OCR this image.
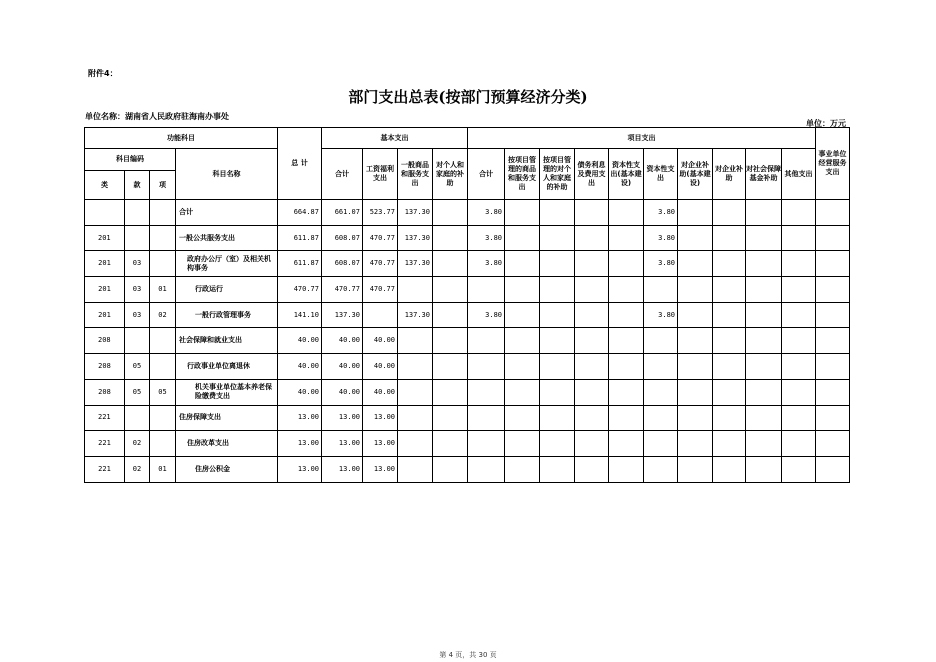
附件4：
部门支出总表(按部门预算经济分类)
单位名称：湖南省人民政府驻海南办事处
单位：万元
功能科目				总 计	基本支出				项目支出										事业单位经营服务支出
科目编码			科目名称		合计	工资福利支出	一般商品和服务支出	对个人和家庭的补助	合计	按项目管理的商品和服务支出	按项目管理的对个人和家庭的补助	债务利息及费用支出	资本性支出(基本建设)	资本性支出	对企业补助(基本建设)	对企业补助	对社会保障基金补助	其他支出	
类	款	项																	
			合计	664.87	661.07	523.77	137.30		3.80					3.80					
201			一般公共服务支出	611.87	608.07	470.77	137.30		3.80					3.80					
201	03		政府办公厅（室）及相关机构事务	611.87	608.07	470.77	137.30		3.80					3.80					
201	03	01	行政运行	470.77	470.77	470.77													
201	03	02	一般行政管理事务	141.10	137.30		137.30		3.80					3.80					
208			社会保障和就业支出	40.00	40.00	40.00													
208	05		行政事业单位离退休	40.00	40.00	40.00													
208	05	05	机关事业单位基本养老保险缴费支出	40.00	40.00	40.00													
221			住房保障支出	13.00	13.00	13.00													
221	02		住房改革支出	13.00	13.00	13.00													
221	02	01	住房公积金	13.00	13.00	13.00													
第 4 页，共 30 页
